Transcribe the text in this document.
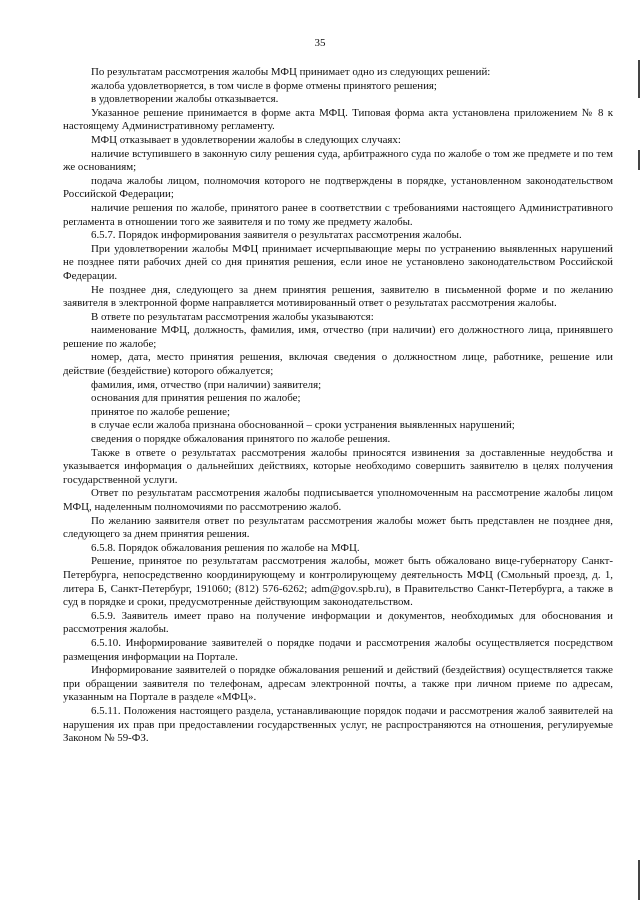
35

По результатам рассмотрения жалобы МФЦ принимает одно из следующих решений:

жалоба удовлетворяется, в том числе в форме отмены принятого решения;

в удовлетворении жалобы отказывается.

Указанное решение принимается в форме акта МФЦ. Типовая форма акта установлена приложением № 8 к настоящему Административному регламенту.

МФЦ отказывает в удовлетворении жалобы в следующих случаях:

наличие вступившего в законную силу решения суда, арбитражного суда по жалобе о том же предмете и по тем же основаниям;

подача жалобы лицом, полномочия которого не подтверждены в порядке, установленном законодательством Российской Федерации;

наличие решения по жалобе, принятого ранее в соответствии с требованиями настоящего Административного регламента в отношении того же заявителя и по тому же предмету жалобы.

6.5.7. Порядок информирования заявителя о результатах рассмотрения жалобы.

При удовлетворении жалобы МФЦ принимает исчерпывающие меры по устранению выявленных нарушений не позднее пяти рабочих дней со дня принятия решения, если иное не установлено законодательством Российской Федерации.

Не позднее дня, следующего за днем принятия решения, заявителю в письменной форме и по желанию заявителя в электронной форме направляется мотивированный ответ о результатах рассмотрения жалобы.

В ответе по результатам рассмотрения жалобы указываются:

наименование МФЦ, должность, фамилия, имя, отчество (при наличии) его должностного лица, принявшего решение по жалобе;

номер, дата, место принятия решения, включая сведения о должностном лице, работнике, решение или действие (бездействие) которого обжалуется;

фамилия, имя, отчество (при наличии) заявителя;

основания для принятия решения по жалобе;

принятое по жалобе решение;

в случае если жалоба признана обоснованной – сроки устранения выявленных нарушений;

сведения о порядке обжалования принятого по жалобе решения.

Также в ответе о результатах рассмотрения жалобы приносятся извинения за доставленные неудобства и указывается информация о дальнейших действиях, которые необходимо совершить заявителю в целях получения государственной услуги.

Ответ по результатам рассмотрения жалобы подписывается уполномоченным на рассмотрение жалобы лицом МФЦ, наделенным полномочиями по рассмотрению жалоб.

По желанию заявителя ответ по результатам рассмотрения жалобы может быть представлен не позднее дня, следующего за днем принятия решения.

6.5.8. Порядок обжалования решения по жалобе на МФЦ.

Решение, принятое по результатам рассмотрения жалобы, может быть обжаловано вице-губернатору Санкт-Петербурга, непосредственно координирующему и контролирующему деятельность МФЦ (Смольный проезд, д. 1, литера Б, Санкт-Петербург, 191060; (812) 576-6262; adm@gov.spb.ru), в Правительство Санкт-Петербурга, а также в суд в порядке и сроки, предусмотренные действующим законодательством.

6.5.9. Заявитель имеет право на получение информации и документов, необходимых для обоснования и рассмотрения жалобы.

6.5.10. Информирование заявителей о порядке подачи и рассмотрения жалобы осуществляется посредством размещения информации на Портале.

Информирование заявителей о порядке обжалования решений и действий (бездействия) осуществляется также при обращении заявителя по телефонам, адресам электронной почты, а также при личном приеме по адресам, указанным на Портале в разделе «МФЦ».

6.5.11. Положения настоящего раздела, устанавливающие порядок подачи и рассмотрения жалоб заявителей на нарушения их прав при предоставлении государственных услуг, не распространяются на отношения, регулируемые Законом № 59-ФЗ.
